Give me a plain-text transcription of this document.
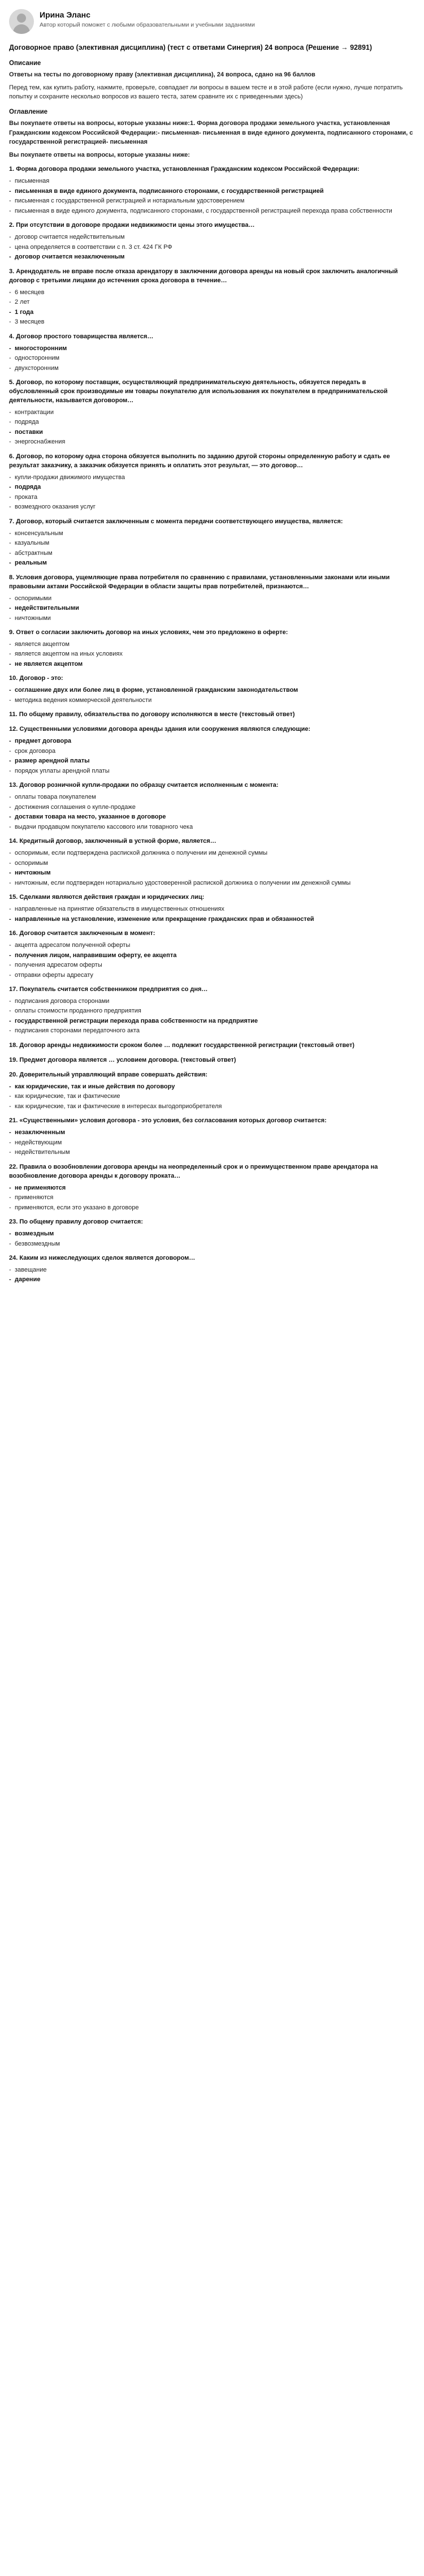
Ирина Эланс
Автор который поможет с любыми образовательными и учебными заданиями
Договорное право (элективная дисциплина) (тест с ответами Синергия) 24 вопроса (Решение → 92891)
Описание
Ответы на тесты по договорному праву (элективная дисциплина), 24 вопроса, сдано на 96 баллов
Перед тем, как купить работу, нажмите, проверьте, совпадает ли вопросы в вашем тесте и в этой работе (если нужно, лучше потратить попытку и сохраните несколько вопросов из вашего теста, затем сравните их с приведенными здесь)
Оглавление
Вы покупаете ответы на вопросы, которые указаны ниже:1. Форма договора продажи земельного участка, установленная Гражданским кодексом Российской Федерации:- письменная- письменная в виде единого документа, подписанного сторонами, с государственной регистрацией- письменная
Вы покупаете ответы на вопросы, которые указаны ниже:
1. Форма договора продажи земельного участка, установленная Гражданским кодексом Российской Федерации:
- письменная
- письменная в виде единого документа, подписанного сторонами, с государственной регистрацией
- письменная с государственной регистрацией и нотариальным удостоверением
- письменная в виде единого документа, подписанного сторонами, с государственной регистрацией перехода права собственности
2. При отсутствии в договоре продажи недвижимости цены этого имущества…
- договор считается недействительным
- цена определяется в соответствии с п. 3 ст. 424 ГК РФ
- договор считается незаключенным
3. Арендодатель не вправе после отказа арендатору в заключении договора аренды на новый срок заключить аналогичный договор с третьими лицами до истечения срока договора в течение…
- 6 месяцев
- 2 лет
- 1 года
- 3 месяцев
4. Договор простого товарищества является…
- многосторонним
- односторонним
- двухсторонним
5. Договор, по которому поставщик, осуществляющий предпринимательскую деятельность, обязуется передать в обусловленный срок производимые им товары покупателю для использования их покупателем в предпринимательской деятельности, называется договором…
- контрактации
- подряда
- поставки
- энергоснабжения
6. Договор, по которому одна сторона обязуется выполнить по заданию другой стороны определенную работу и сдать ее результат заказчику, а заказчик обязуется принять и оплатить этот результат, — это договор…
- купли-продажи движимого имущества
- подряда
- проката
- возмездного оказания услуг
7. Договор, который считается заключенным с момента передачи соответствующего имущества, является:
- консенсуальным
- казуальным
- абстрактным
- реальным
8. Условия договора, ущемляющие права потребителя по сравнению с правилами, установленными законами или иными правовыми актами Российской Федерации в области защиты прав потребителей, признаются…
- оспоримыми
- недействительными
- ничтожными
9. Ответ о согласии заключить договор на иных условиях, чем это предложено в оферте:
- является акцептом
- является акцептом на иных условиях
- не является акцептом
10. Договор - это:
- соглашение двух или более лиц в форме, установленной гражданским законодательством
- методика ведения коммерческой деятельности
11. По общему правилу, обязательства по договору исполняются в месте (текстовый ответ)
12. Существенными условиями договора аренды здания или сооружения являются следующие:
- предмет договора
- срок договора
- размер арендной платы
- порядок уплаты арендной платы
13. Договор розничной купли-продажи по образцу считается исполненным с момента:
- оплаты товара покупателем
- достижения соглашения о купле-продаже
- доставки товара на место, указанное в договоре
- выдачи продавцом покупателю кассового или товарного чека
14. Кредитный договор, заключенный в устной форме, является…
- оспоримым, если подтверждена распиской должника о получении им денежной суммы
- оспоримым
- ничтожным
- ничтожным, если подтвержден нотариально удостоверенной распиской должника о получении им денежной суммы
15. Сделками являются действия граждан и юридических лиц:
- направленные на принятие обязательств в имущественных отношениях
- направленные на установление, изменение или прекращение гражданских прав и обязанностей
16. Договор считается заключенным в момент:
- акцепта адресатом полученной оферты
- получения лицом, направившим оферту, ее акцепта
- получения адресатом оферты
- отправки оферты адресату
17. Покупатель считается собственником предприятия со дня…
- подписания договора сторонами
- оплаты стоимости проданного предприятия
- государственной регистрации перехода права собственности на предприятие
- подписания сторонами передаточного акта
18. Договор аренды недвижимости сроком более … подлежит государственной регистрации (текстовый ответ)
19. Предмет договора является … условием договора. (текстовый ответ)
20. Доверительный управляющий вправе совершать действия:
- как юридические, так и иные действия по договору
- как юридические, так и фактические
- как юридические, так и фактические в интересах выгодоприобретателя
21. «Существенными» условия договора - это условия, без согласования которых договор считается:
- незаключенным
- недействующим
- недействительным
22. Правила о возобновлении договора аренды на неопределенный срок и о преимущественном праве арендатора на возобновление договора аренды к договору проката…
- не применяются
- применяются
- применяются, если это указано в договоре
23. По общему правилу договор считается:
- возмездным
- безвозмездным
24. Каким из нижеследующих сделок является договором…
- завещание
- дарение
